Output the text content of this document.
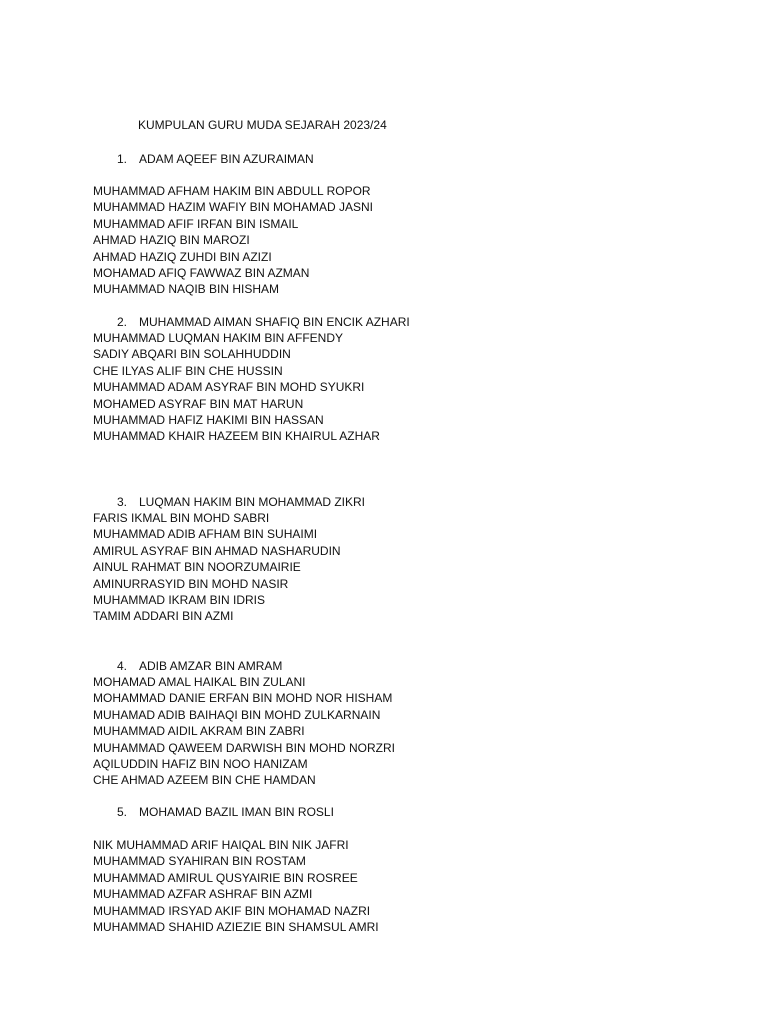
KUMPULAN GURU MUDA SEJARAH 2023/24
1. ADAM AQEEF BIN AZURAIMAN
MUHAMMAD AFHAM HAKIM BIN ABDULL ROPOR
MUHAMMAD HAZIM WAFIY BIN MOHAMAD JASNI
MUHAMMAD AFIF IRFAN BIN ISMAIL
AHMAD HAZIQ BIN MAROZI
AHMAD HAZIQ ZUHDI BIN AZIZI
MOHAMAD AFIQ FAWWAZ BIN AZMAN
MUHAMMAD NAQIB BIN HISHAM
2. MUHAMMAD AIMAN SHAFIQ BIN ENCIK AZHARI
MUHAMMAD LUQMAN HAKIM BIN AFFENDY
SADIY ABQARI BIN SOLAHHUDDIN
CHE ILYAS ALIF BIN CHE HUSSIN
MUHAMMAD ADAM ASYRAF BIN MOHD SYUKRI
MOHAMED ASYRAF BIN MAT HARUN
MUHAMMAD HAFIZ HAKIMI BIN HASSAN
MUHAMMAD KHAIR HAZEEM BIN KHAIRUL AZHAR
3. LUQMAN HAKIM BIN MOHAMMAD ZIKRI
FARIS IKMAL BIN MOHD SABRI
MUHAMMAD ADIB AFHAM BIN SUHAIMI
AMIRUL ASYRAF BIN AHMAD NASHARUDIN
AINUL RAHMAT BIN NOORZUMAIRIE
AMINURRASYID BIN MOHD NASIR
MUHAMMAD IKRAM BIN IDRIS
TAMIM ADDARI BIN AZMI
4. ADIB AMZAR BIN AMRAM
MOHAMAD AMAL HAIKAL BIN ZULANI
MOHAMMAD DANIE ERFAN BIN MOHD NOR HISHAM
MUHAMAD ADIB BAIHAQI BIN MOHD ZULKARNAIN
MUHAMMAD AIDIL AKRAM BIN ZABRI
MUHAMMAD QAWEEM DARWISH BIN MOHD NORZRI
AQILUDDIN HAFIZ BIN NOO HANIZAM
CHE AHMAD AZEEM BIN CHE HAMDAN
5. MOHAMAD BAZIL IMAN BIN ROSLI
NIK MUHAMMAD ARIF HAIQAL BIN NIK JAFRI
MUHAMMAD SYAHIRAN BIN ROSTAM
MUHAMMAD AMIRUL QUSYAIRIE BIN ROSREE
MUHAMMAD AZFAR ASHRAF BIN AZMI
MUHAMMAD IRSYAD AKIF BIN MOHAMAD NAZRI
MUHAMMAD SHAHID AZIEZIE BIN SHAMSUL AMRI
